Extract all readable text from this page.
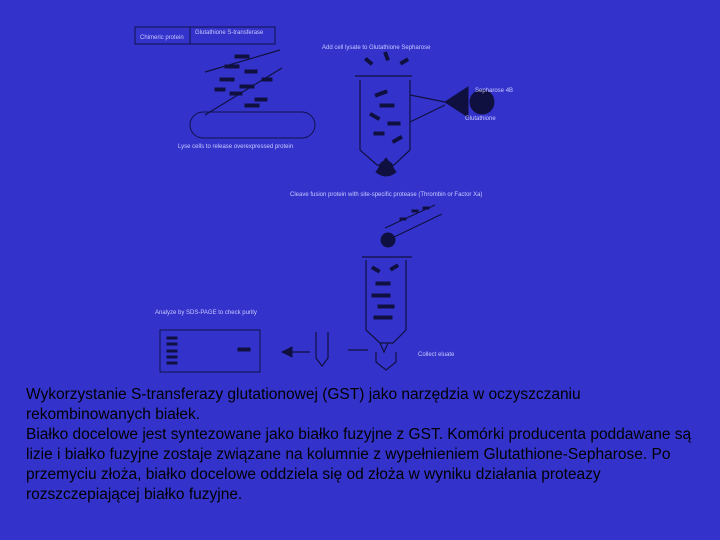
Chimeric protein
Glutathione S-transferase
Lyse cells to release overexpressed protein
Add cell lysate to Glutathione Sepharose
Sepharose 4B
Glutathione
Cleave fusion protein with site-specific protease (Thrombin or Factor Xa)
Collect eluate
Analyze by SDS-PAGE to check purity

Wykorzystanie S-transferazy glutationowej (GST) jako narzędzia w oczyszczaniu rekombinowanych białek.

Białko docelowe jest syntezowane jako białko fuzyjne z GST. Komórki producenta poddawane są lizie i białko fuzyjne zostaje związane na kolumnie z wypełnieniem Glutathione-Sepharose. Po przemyciu złoża, białko docelowe oddziela się od złoża w wyniku działania proteazy rozszczepiającej białko fuzyjne.
